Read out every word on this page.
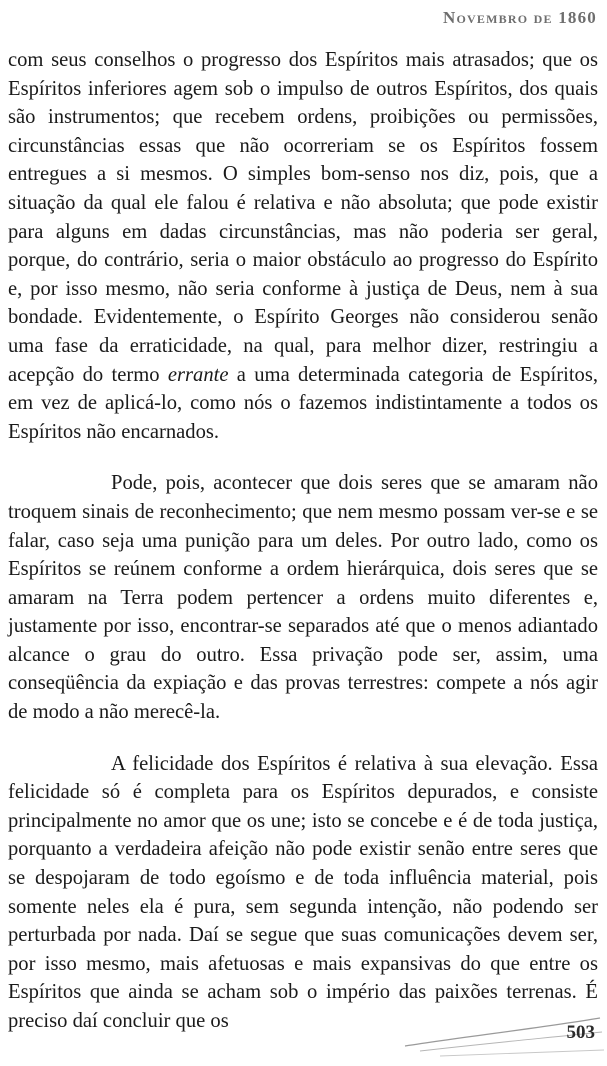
Novembro de 1860

com seus conselhos o progresso dos Espíritos mais atrasados; que os Espíritos inferiores agem sob o impulso de outros Espíritos, dos quais são instrumentos; que recebem ordens, proibições ou permissões, circunstâncias essas que não ocorreriam se os Espíritos fossem entregues a si mesmos. O simples bom-senso nos diz, pois, que a situação da qual ele falou é relativa e não absoluta; que pode existir para alguns em dadas circunstâncias, mas não poderia ser geral, porque, do contrário, seria o maior obstáculo ao progresso do Espírito e, por isso mesmo, não seria conforme à justiça de Deus, nem à sua bondade. Evidentemente, o Espírito Georges não considerou senão uma fase da erraticidade, na qual, para melhor dizer, restringiu a acepção do termo errante a uma determinada categoria de Espíritos, em vez de aplicá-lo, como nós o fazemos indistintamente a todos os Espíritos não encarnados.

Pode, pois, acontecer que dois seres que se amaram não troquem sinais de reconhecimento; que nem mesmo possam ver-se e se falar, caso seja uma punição para um deles. Por outro lado, como os Espíritos se reúnem conforme a ordem hierárquica, dois seres que se amaram na Terra podem pertencer a ordens muito diferentes e, justamente por isso, encontrar-se separados até que o menos adiantado alcance o grau do outro. Essa privação pode ser, assim, uma conseqüência da expiação e das provas terrestres: compete a nós agir de modo a não merecê-la.

A felicidade dos Espíritos é relativa à sua elevação. Essa felicidade só é completa para os Espíritos depurados, e consiste principalmente no amor que os une; isto se concebe e é de toda justiça, porquanto a verdadeira afeição não pode existir senão entre seres que se despojaram de todo egoísmo e de toda influência material, pois somente neles ela é pura, sem segunda intenção, não podendo ser perturbada por nada. Daí se segue que suas comunicações devem ser, por isso mesmo, mais afetuosas e mais expansivas do que entre os Espíritos que ainda se acham sob o império das paixões terrenas. É preciso daí concluir que os

503
